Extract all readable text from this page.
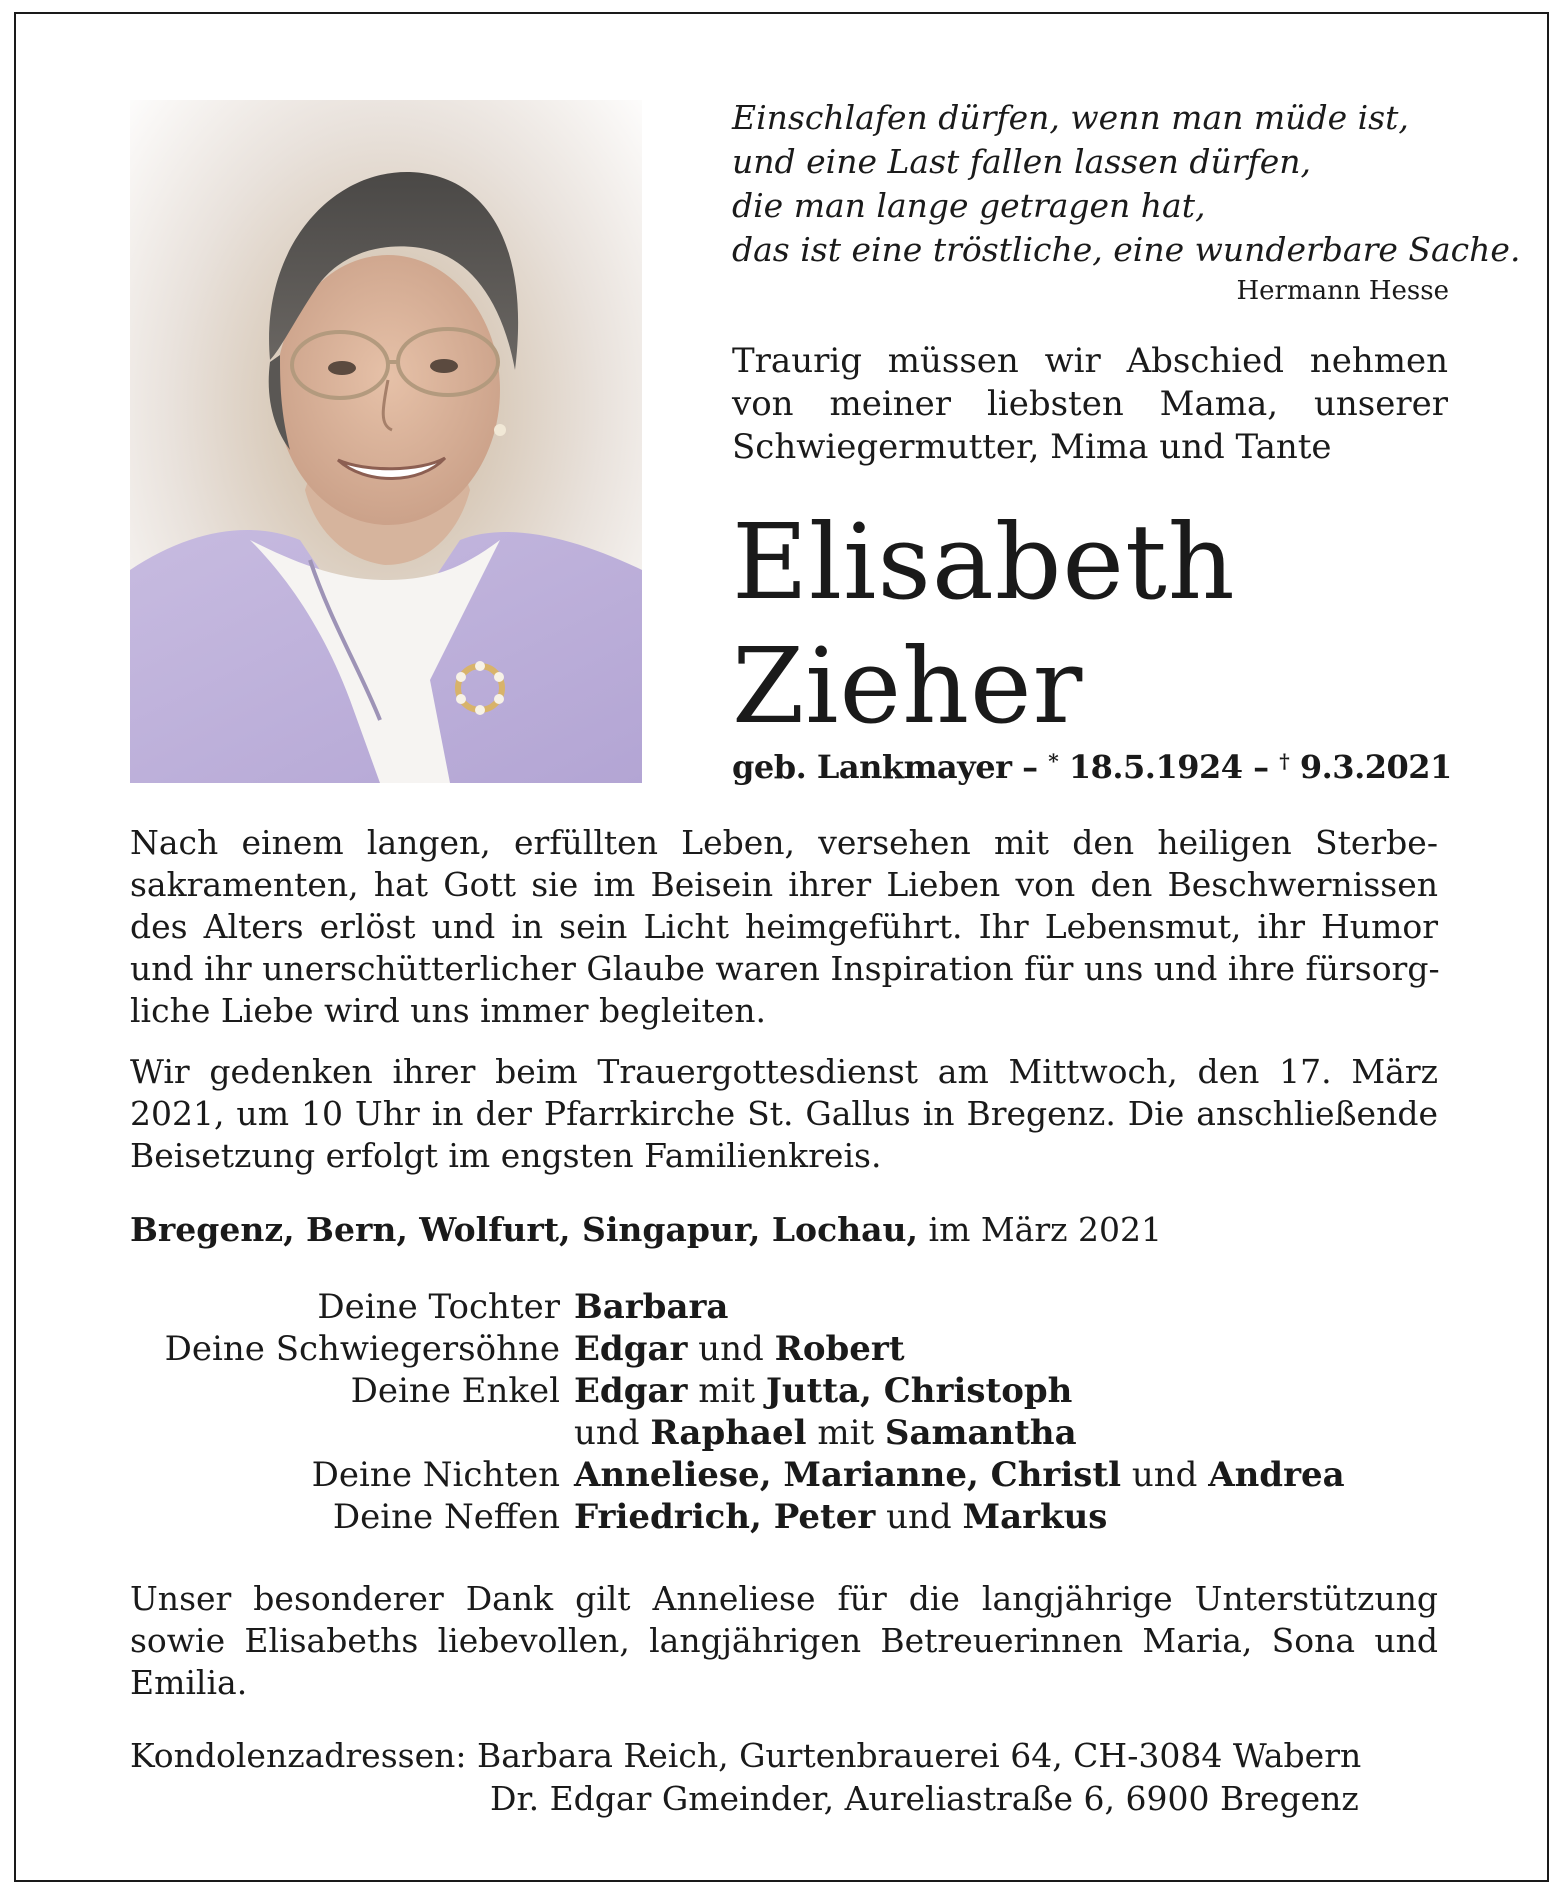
Einschlafen dürfen, wenn man müde ist,
und eine Last fallen lassen dürfen,
die man lange getragen hat,
das ist eine tröstliche, eine wunderbare Sache.

Hermann Hesse

Traurig müssen wir Abschied nehmen
von meiner liebsten Mama, unserer
Schwiegermutter, Mima und Tante

Elisabeth
Zieher

geb. Lankmayer – * 18.5.1924 – † 9.3.2021

Nach einem langen, erfüllten Leben, versehen mit den heiligen Sterbe-
sakramenten, hat Gott sie im Beisein ihrer Lieben von den Beschwernissen
des Alters erlöst und in sein Licht heimgeführt. Ihr Lebensmut, ihr Humor
und ihr unerschütterlicher Glaube waren Inspiration für uns und ihre fürsorg-
liche Liebe wird uns immer begleiten.

Wir gedenken ihrer beim Trauergottesdienst am Mittwoch, den 17. März
2021, um 10 Uhr in der Pfarrkirche St. Gallus in Bregenz. Die anschließende
Beisetzung erfolgt im engsten Familienkreis.

Bregenz, Bern, Wolfurt, Singapur, Lochau, im März 2021

Deine Tochter Barbara
Deine Schwiegersöhne Edgar und Robert
Deine Enkel Edgar mit Jutta, Christoph
und Raphael mit Samantha
Deine Nichten Anneliese, Marianne, Christl und Andrea
Deine Neffen Friedrich, Peter und Markus

Unser besonderer Dank gilt Anneliese für die langjährige Unterstützung
sowie Elisabeths liebevollen, langjährigen Betreuerinnen Maria, Sona und
Emilia.

Kondolenzadressen: Barbara Reich, Gurtenbrauerei 64, CH-3084 Wabern
Dr. Edgar Gmeinder, Aureliastraße 6, 6900 Bregenz
